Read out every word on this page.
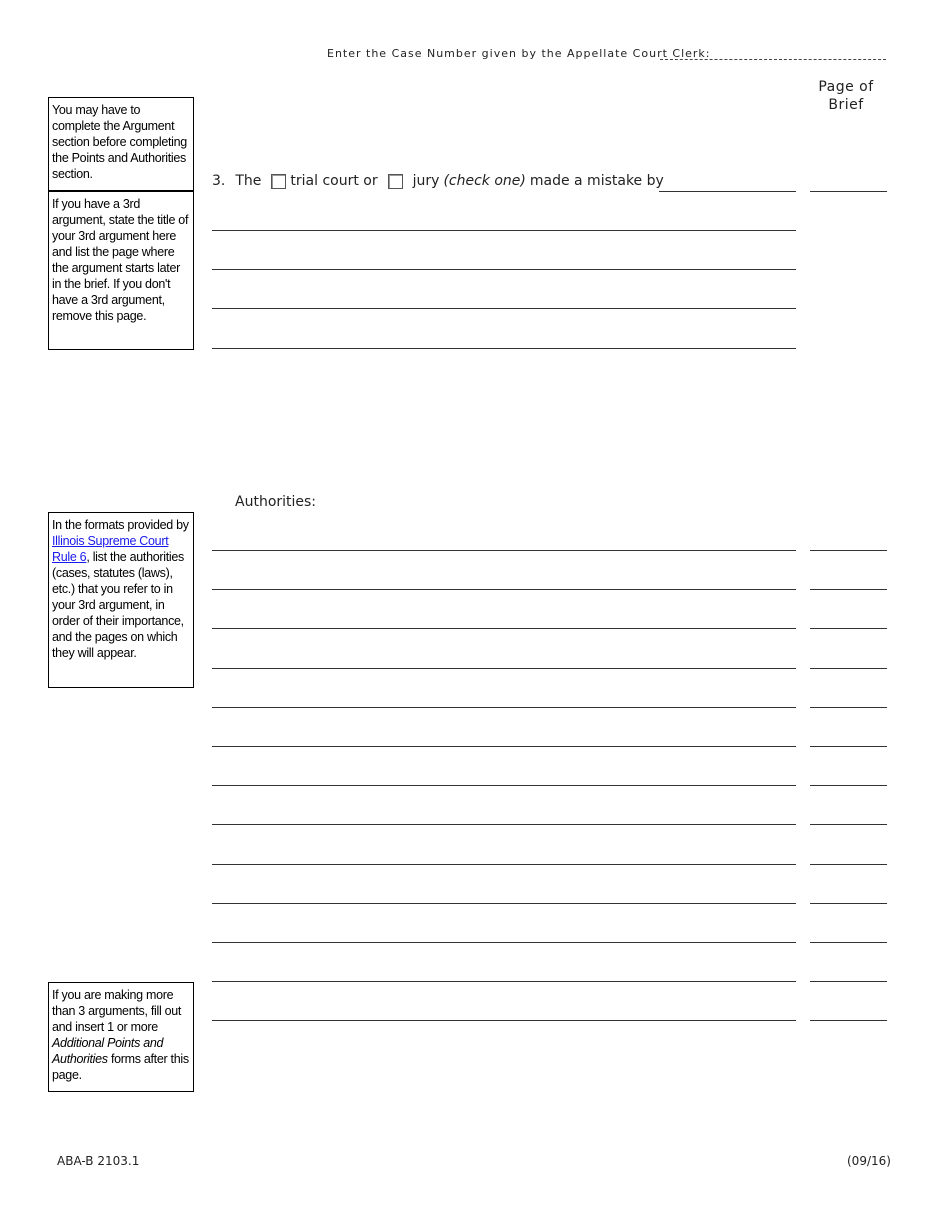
Enter the Case Number given by the Appellate Court Clerk:
Page of
Brief
You may have to complete the Argument section before completing the Points and Authorities section.
If you have a 3rd argument, state the title of your 3rd argument here and list the page where the argument starts later in the brief. If you don't have a 3rd argument, remove this page.
In the formats provided by Illinois Supreme Court Rule 6, list the authorities (cases, statutes (laws), etc.) that you refer to in your 3rd argument, in order of their importance, and the pages on which they will appear.
If you are making more than 3 arguments, fill out and insert 1 or more Additional Points and Authorities forms after this page.
3. The trial court or	jury (check one) made a mistake by
Authorities:
ABA-B 2103.1	(09/16)
